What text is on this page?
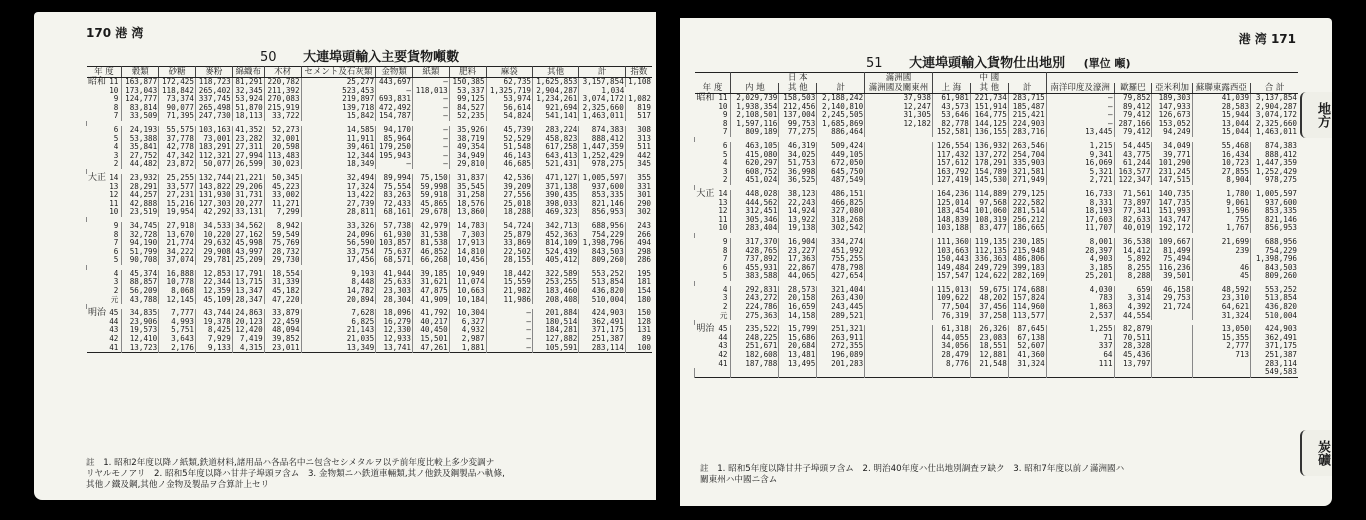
170 港 湾
50 大連埠頭輸入主要貨物噸數
年 度		穀類	砂糖	麥粉	綿織布	木材	セメント及石灰類	金物類	紙類	肥料	麻袋	其他	計	指数
昭和	11	163,877	172,425	118,723	81,291	220,782	25,277	443,697	—	150,385	62,735	1,625,853	3,157,854	1,108
	10	173,043	118,842	265,402	32,345	211,392	523,453	—	118,013	53,337	1,325,719	2,904,287	1,034	
	9	124,777	73,374	337,745	53,924	270,083	219,897	693,831	—	99,125	53,974	1,234,261	3,074,172	1,082
	8	83,814	90,077	265,498	51,870	215,919	139,718	472,492	—	84,527	56,614	921,694	2,325,660	819
	7	33,509	71,395	247,730	18,113	33,722	15,842	154,787	—	52,235	54,824	541,141	1,463,011	517

	6	24,193	55,575	103,163	41,352	52,273	14,585	94,170	—	35,926	45,739	283,224	874,383	308
	5	53,388	37,778	73,001	23,282	32,001	11,911	85,964	—	38,719	52,529	458,823	888,412	313
	4	35,841	42,778	183,291	27,311	20,598	39,461	179,250	—	49,354	51,548	617,258	1,447,359	511
	3	27,752	47,342	112,321	27,994	113,483	12,344	195,943	—	34,949	46,143	643,413	1,252,429	442
	2	44,482	23,872	50,077	26,599	30,023	18,349	—	—	29,810	46,685	521,431	978,275	345

大正	14	23,932	25,255	132,744	21,221	50,345	32,494	89,994	75,150	31,837	42,536	471,127	1,005,597	355
	13	28,291	33,577	143,822	29,206	45,223	17,324	75,554	59,998	35,545	39,209	371,138	937,600	331
	12	44,257	27,231	131,930	31,731	33,002	13,422	83,263	59,918	31,258	27,556	390,435	853,335	301
	11	42,888	15,216	127,303	20,277	11,271	27,739	72,433	45,865	18,576	25,018	398,033	821,146	290
	10	23,519	19,954	42,292	33,131	7,299	28,811	68,161	29,678	13,860	18,288	469,323	856,953	302

	9	34,745	27,918	34,533	34,562	8,942	33,326	57,738	42,979	14,783	54,724	342,713	688,956	243
	8	32,728	13,670	10,220	27,162	59,549	24,096	61,930	31,538	7,303	25,879	452,363	754,229	266
	7	94,190	21,774	29,632	45,998	75,769	56,590	103,857	81,538	17,913	33,869	814,109	1,398,796	494
	6	51,799	34,222	29,908	43,997	28,732	33,754	75,637	46,852	14,810	22,502	524,439	843,503	298
	5	90,708	37,074	29,781	25,209	29,730	17,456	68,571	66,268	10,456	28,155	405,412	809,260	286

	4	45,374	16,888	12,853	17,791	18,554	9,193	41,944	39,185	10,949	18,442	322,589	553,252	195
	3	88,857	10,778	22,344	13,715	31,339	8,448	25,633	31,621	11,074	15,559	253,255	513,854	181
	2	56,209	8,068	12,359	13,347	45,182	14,782	23,303	47,875	10,663	21,982	183,460	436,820	154
	元	43,788	12,145	45,109	28,347	47,220	20,894	28,304	41,909	10,184	11,986	208,408	510,004	180

明治	45	34,835	7,777	43,744	24,863	33,879	7,628	18,096	41,792	10,304	—	201,884	424,903	150
	44	23,906	4,993	19,378	20,123	22,459	6,825	16,279	40,217	6,327	—	180,514	362,491	128
	43	19,573	5,751	8,425	12,420	48,094	21,143	12,330	40,450	4,932	—	184,281	371,175	131
	42	12,410	3,643	7,929	7,419	39,852	21,035	12,933	15,501	2,987	—	127,882	251,387	89
	41	13,723	2,176	9,133	4,315	23,011	13,349	13,741	47,261	1,881	—	105,591	283,114	100
註　1. 昭和2年度以降ノ紙類,鉄道材料,諸用品ハ各品名中ニ包含セシメタルヲ以テ前年度比較上多少変調ナ
リヤルモノアリ　2. 昭和5年度以降ハ甘井子埠頭ヲ含ム　3. 金物類ニハ鉄道車輛類,其ノ他鉄及鋼製品ハ軌條,
其他ノ鐵及鋼,其他ノ金物及製品ヲ合算計上セリ
港 湾 171
51 大連埠頭輸入貨物仕出地別 (單位 噸)
		日 本			滿洲國	中 國							
年 度		内 地	其 他	計	滿洲國及關東州	上 海	其 他	計	南洋印度及濠洲	歐羅巴	亞米利加	蘇聯東露西亞	合 計
昭和	11	2,029,739	158,503	2,188,242	37,938	61,981	221,734	283,715	—	79,852	189,303	41,039	3,137,854
	10	1,938,354	212,456	2,140,810	12,247	43,573	151,914	185,487	—	89,412	147,933	28,583	2,904,287
	9	2,108,501	137,004	2,245,505	31,305	53,646	164,775	215,421	—	79,412	126,673	15,944	3,074,172
	8	1,597,116	99,753	1,685,869	12,182	82,778	144,125	224,903	—	287,166	153,052	13,044	2,325,660
	7	809,189	77,275	886,464		152,581	136,155	283,716	13,445	79,412	94,249	15,044	1,463,011

	6	463,105	46,319	509,424		126,554	136,932	263,546	1,215	54,445	34,049	55,468	874,383
	5	415,080	34,025	449,105		117,432	137,272	254,704	9,341	43,775	39,771	16,434	888,412
	4	620,297	51,753	672,050		157,612	178,291	335,903	16,069	61,244	101,290	10,723	1,447,359
	3	608,752	36,998	645,750		163,792	154,789	321,581	5,321	163,577	231,245	27,855	1,252,429
	2	451,024	36,525	487,549		127,419	145,530	271,949	2,721	122,347	147,515	8,904	978,275

大正	14	448,028	38,123	486,151		164,236	114,889	279,125	16,733	71,561	140,735	1,780	1,005,597
	13	444,562	22,243	466,825		125,014	97,568	222,582	8,331	73,897	147,735	9,061	937,600
	12	312,451	14,924	327,080		183,454	101,060	281,514	18,193	77,341	151,993	1,596	853,335
	11	305,346	13,922	318,268		148,839	108,319	256,212	17,603	82,633	143,747	755	821,146
	10	283,404	19,138	302,542		103,188	83,477	186,665	11,707	40,019	192,172	1,767	856,953

	9	317,370	16,904	334,274		111,360	119,135	230,185	8,001	36,538	109,667	21,699	688,956
	8	428,765	23,227	451,992		103,663	112,135	215,948	28,397	14,412	81,499	239	754,229
	7	737,892	17,363	755,255		150,443	336,363	486,806	4,903	5,892	75,494		1,398,796
	6	455,931	22,867	478,798		149,484	249,729	399,183	3,185	8,255	116,236	46	843,503
	5	383,588	44,065	427,654		157,547	124,622	282,169	25,201	8,288	39,501	45	809,260

	4	292,831	28,573	321,404		115,013	59,675	174,688	4,030	659	46,158	48,592	553,252
	3	243,272	20,158	263,430		109,622	48,202	157,824	783	3,314	29,753	23,310	513,854
	2	224,786	16,659	243,445		77,504	37,456	114,960	1,863	4,392	21,724	64,621	436,820
	元	275,363	14,158	289,521		76,319	37,258	113,577	2,537	44,554		31,324	510,004

明治	45	235,522	15,799	251,321		61,318	26,326	87,645	1,255	82,879		13,050	424,903
	44	248,225	15,686	263,911		44,055	23,083	67,138	71	70,511		15,355	362,491
	43	251,671	20,684	272,355		34,056	18,551	52,607	337	28,328		2,777	371,175
	42	182,608	13,481	196,089		28,479	12,881	41,360	64	45,436		713	251,387
	41	187,788	13,495	201,283		8,776	21,548	31,324	111	13,797			283,114
													549,583
註　1. 昭和5年度以降甘井子埠頭ヲ含ム　2. 明治40年度ハ仕出地別調査ヲ缺ク　3. 昭和7年度以前ノ滿洲國ハ
關東州ハ中國ニ含ム
地方
炭礦
